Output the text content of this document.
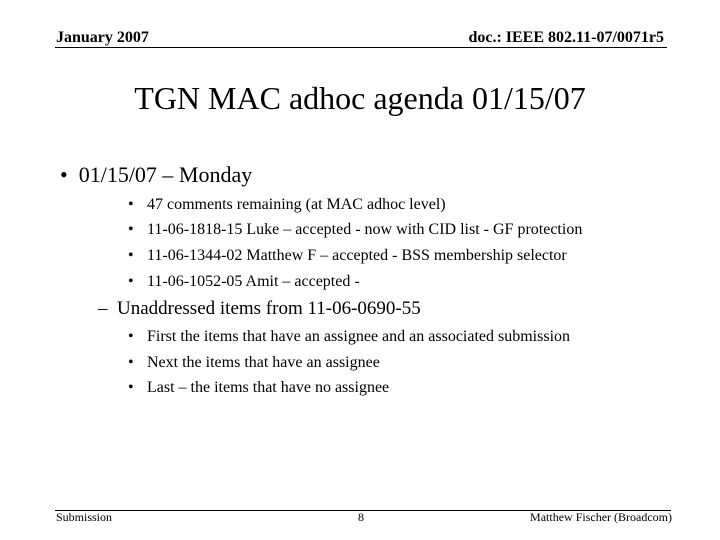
January 2007	doc.: IEEE 802.11-07/0071r5
TGN MAC adhoc agenda 01/15/07
• 01/15/07 – Monday
• 47 comments remaining (at MAC adhoc level)
• 11-06-1818-15 Luke – accepted - now with CID list - GF protection
• 11-06-1344-02 Matthew F – accepted - BSS membership selector
• 11-06-1052-05 Amit – accepted -
– Unaddressed items from 11-06-0690-55
• First the items that have an assignee and an associated submission
• Next the items that have an assignee
• Last – the items that have no assignee
Submission	8	Matthew Fischer (Broadcom)
